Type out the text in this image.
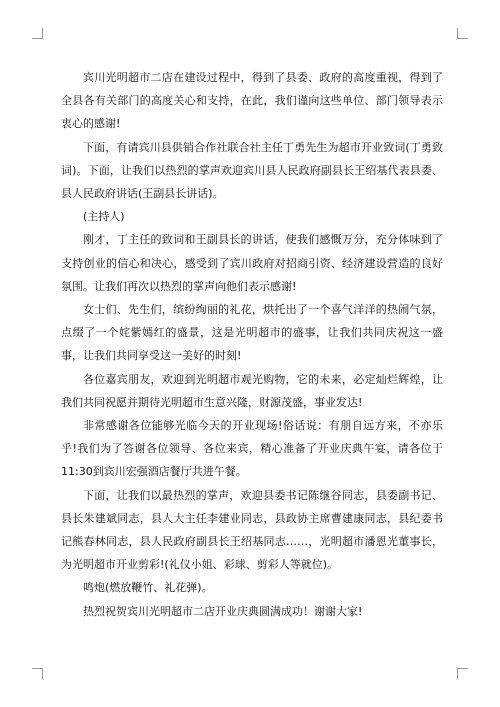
宾川光明超市二店在建设过程中，得到了县委、政府的高度重视，得到了全县各有关部门的高度关心和支持，在此，我们谨向这些单位、部门领导表示衷心的感谢!

下面，有请宾川县供销合作社联合社主任丁勇先生为超市开业致词(丁勇致词)。下面，让我们以热烈的掌声欢迎宾川县人民政府副县长王绍基代表县委、县人民政府讲话(王副县长讲话)。

(主持人)

刚才，丁主任的致词和王副县长的讲话，使我们感慨万分，充分体味到了支持创业的信心和决心，感受到了宾川政府对招商引资、经济建设营造的良好氛围。让我们再次以热烈的掌声向他们表示感谢!

女士们、先生们，缤纷绚丽的礼花，烘托出了一个喜气洋洋的热闹气氛，点缀了一个姹紫嫣红的盛景，这是光明超市的盛事，让我们共同庆祝这一盛事，让我们共同享受这一美好的时刻!

各位嘉宾朋友，欢迎到光明超市观光购物，它的未来，必定灿烂辉煌，让我们共同祝愿并期待光明超市生意兴隆，财源茂盛，事业发达!

非常感谢各位能够光临今天的开业现场!俗话说：有朋自远方来，不亦乐乎!我们为了答谢各位领导、各位来宾，精心准备了开业庆典午宴，请各位于11:30到宾川宏强酒店餐厅共进午餐。

下面，让我们以最热烈的掌声，欢迎县委书记陈继谷同志，县委副书记、县长朱建斌同志，县人大主任李建业同志，县政协主席曹建康同志，县纪委书记熊春林同志，县人民政府副县长王绍基同志……，光明超市潘恩光董事长，为光明超市开业剪彩!(礼仪小姐、彩球、剪彩人等就位)。

鸣炮(燃放鞭竹、礼花弹)。

热烈祝贺宾川光明超市二店开业庆典圆满成功！谢谢大家!
